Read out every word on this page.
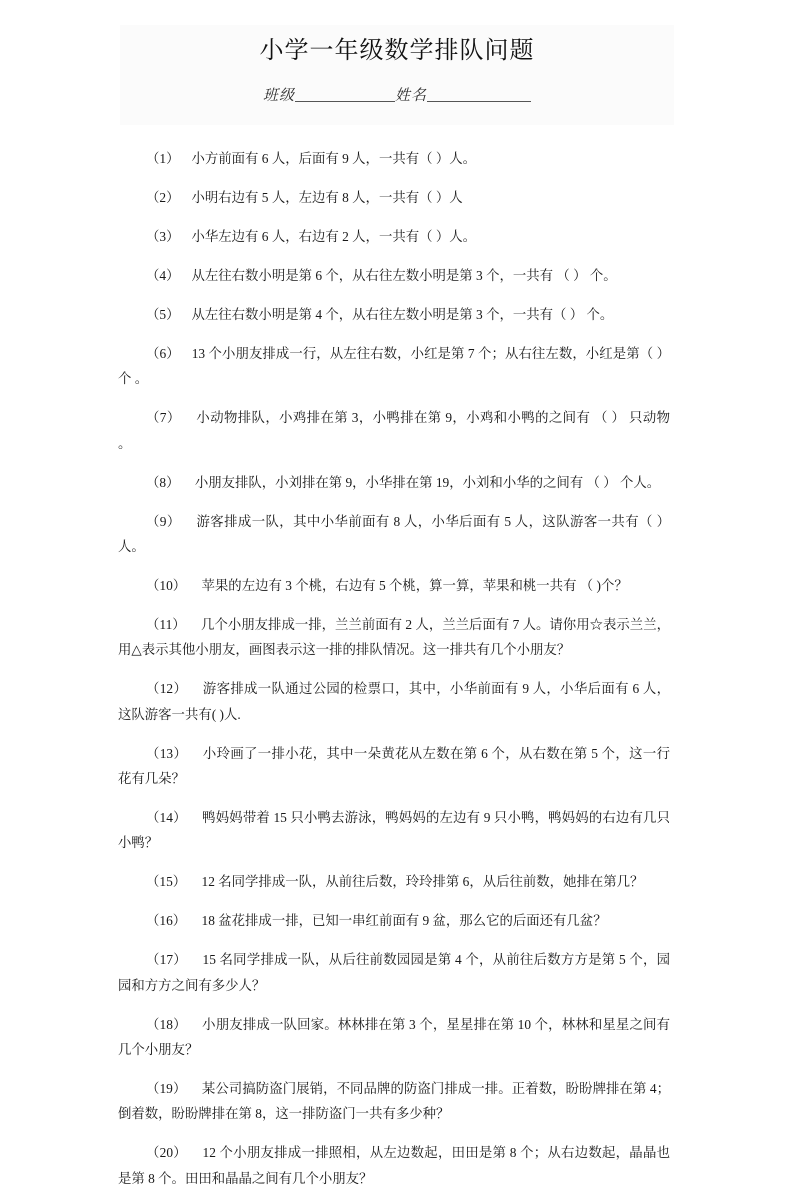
小学一年级数学排队问题
班级	姓名

（1） 小方前面有 6 人，后面有 9 人，一共有（ ）人。

（2） 小明右边有 5 人，左边有 8 人，一共有（ ）人

（3） 小华左边有 6 人，右边有 2 人，一共有（ ）人。

（4） 从左往右数小明是第 6 个，从右往左数小明是第 3 个，一共有 （ ） 个。

（5） 从左往右数小明是第 4 个，从右往左数小明是第 3 个，一共有（ ） 个。

（6） 13 个小朋友排成一行，从左往右数，小红是第 7 个；从右往左数，小红是第（ ）个 。

（7） 小动物排队，小鸡排在第 3，小鸭排在第 9，小鸡和小鸭的之间有 （ ） 只动物 。

（8） 小朋友排队，小刘排在第 9，小华排在第 19，小刘和小华的之间有 （ ） 个人。

（9） 游客排成一队，其中小华前面有 8 人，小华后面有 5 人，这队游客一共有（ ）人。

（10） 苹果的左边有 3 个桃，右边有 5 个桃，算一算，苹果和桃一共有 （ )个？

（11） 几个小朋友排成一排，兰兰前面有 2 人，兰兰后面有 7 人。请你用☆表示兰兰，用△表示其他小朋友，画图表示这一排的排队情况。这一排共有几个小朋友？

（12） 游客排成一队通过公园的检票口，其中，小华前面有 9 人，小华后面有 6 人，这队游客一共有( )人.

（13） 小玲画了一排小花，其中一朵黄花从左数在第 6 个，从右数在第 5 个，这一行花有几朵？

（14） 鸭妈妈带着 15 只小鸭去游泳，鸭妈妈的左边有 9 只小鸭，鸭妈妈的右边有几只小鸭？

（15） 12 名同学排成一队，从前往后数，玲玲排第 6，从后往前数，她排在第几？

（16） 18 盆花排成一排，已知一串红前面有 9 盆，那么它的后面还有几盆？

（17） 15 名同学排成一队，从后往前数园园是第 4 个，从前往后数方方是第 5 个，园园和方方之间有多少人？

（18） 小朋友排成一队回家。林林排在第 3 个，星星排在第 10 个，林林和星星之间有几个小朋友？

（19） 某公司搞防盗门展销，不同品牌的防盗门排成一排。正着数，盼盼牌排在第 4；倒着数，盼盼牌排在第 8，这一排防盗门一共有多少种？

（20） 12 个小朋友排成一排照相，从左边数起，田田是第 8 个；从右边数起，晶晶也是第 8 个。田田和晶晶之间有几个小朋友？
